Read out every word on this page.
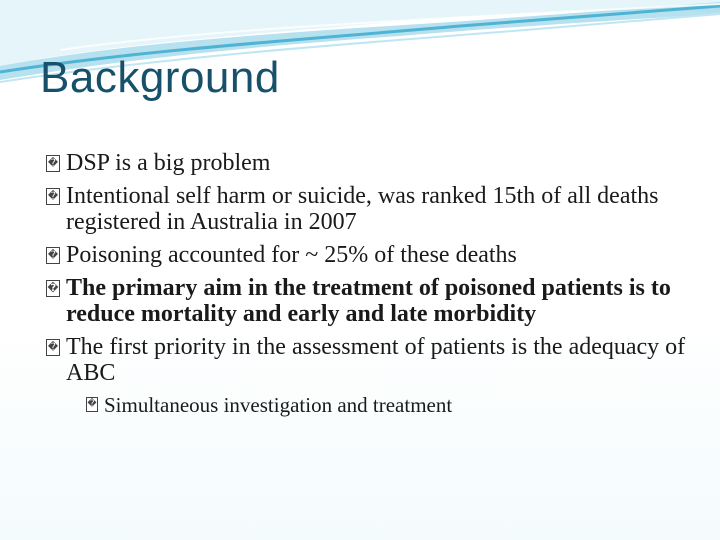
Background
� DSP is a big problem
� Intentional self harm or suicide, was ranked 15th of all deaths registered in Australia in 2007
� Poisoning accounted for ~ 25% of these deaths
� The primary aim in the treatment of poisoned patients is to reduce mortality and early and late morbidity
� The first priority in the assessment of patients is the adequacy of ABC
� Simultaneous investigation and treatment
